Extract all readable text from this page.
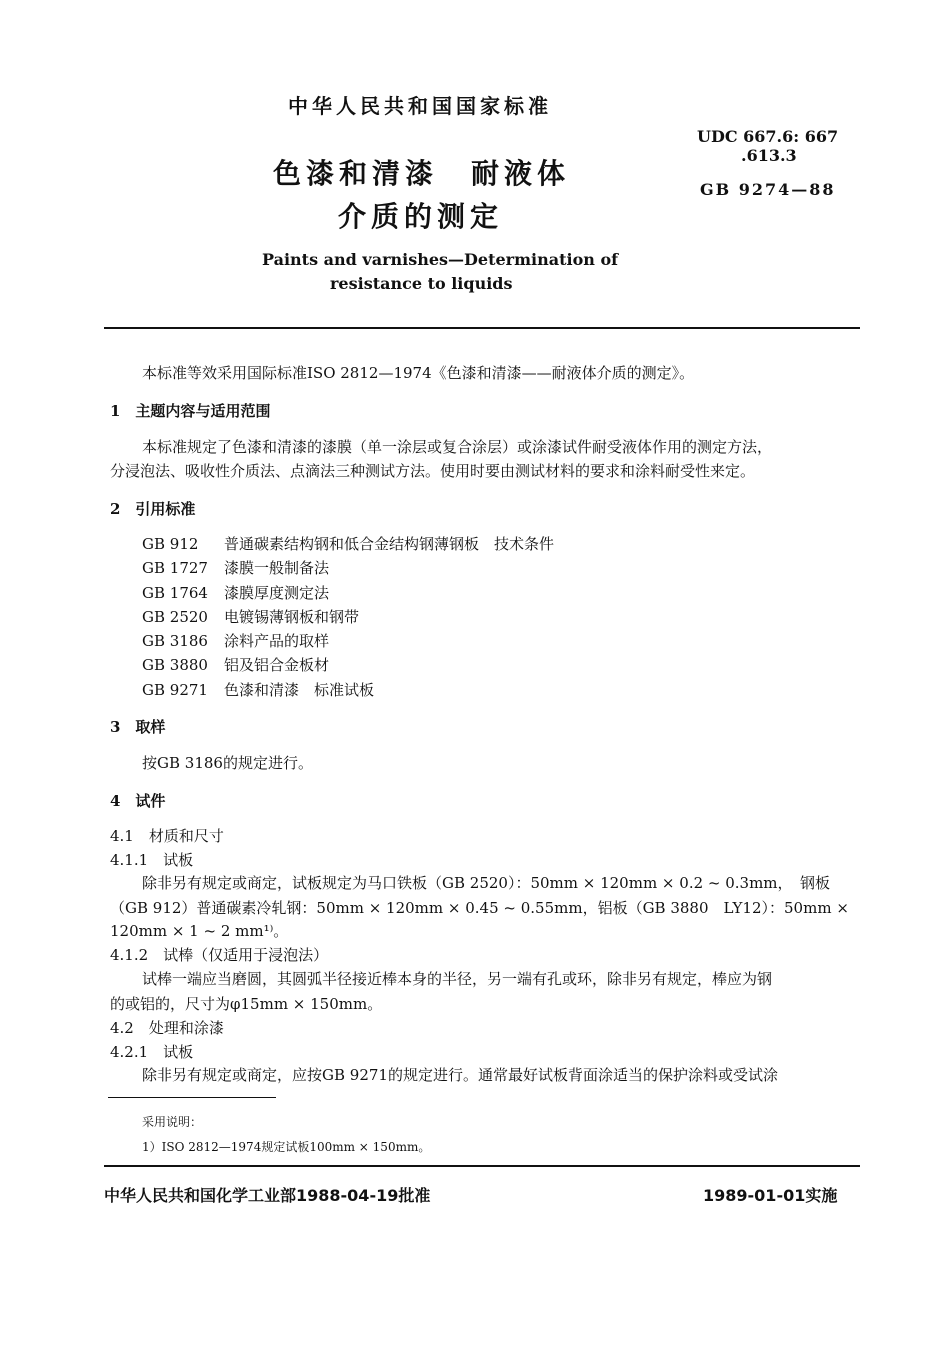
中华人民共和国国家标准
UDC 667.6: 667
.613.3
GB 9274—88
色漆和清漆　耐液体
介质的测定
Paints and varnishes—Determination of
resistance to liquids
本标准等效采用国际标准ISO 2812—1974《色漆和清漆——耐液体介质的测定》。
1　主题内容与适用范围
本标准规定了色漆和清漆的漆膜（单一涂层或复合涂层）或涂漆试件耐受液体作用的测定方法，
分浸泡法、吸收性介质法、点滴法三种测试方法。使用时要由测试材料的要求和涂料耐受性来定。
2　引用标准
GB 912 普通碳素结构钢和低合金结构钢薄钢板　技术条件
GB 1727 漆膜一般制备法
GB 1764 漆膜厚度测定法
GB 2520 电镀锡薄钢板和钢带
GB 3186 涂料产品的取样
GB 3880 铝及铝合金板材
GB 9271 色漆和清漆　标准试板
3　取样
按GB 3186的规定进行。
4　试件
4.1　材质和尺寸
4.1.1　试板
除非另有规定或商定，试板规定为马口铁板（GB 2520）：50mm × 120mm × 0.2 ~ 0.3mm，　钢板
（GB 912）普通碳素冷轧钢：50mm × 120mm × 0.45 ~ 0.55mm，铝板（GB 3880　LY12）：50mm ×
120mm × 1 ~ 2 mm¹⁾。
4.1.2　试棒（仅适用于浸泡法）
试棒一端应当磨圆，其圆弧半径接近棒本身的半径，另一端有孔或环，除非另有规定，棒应为钢
的或铝的，尺寸为φ15mm × 150mm。
4.2　处理和涂漆
4.2.1　试板
除非另有规定或商定，应按GB 9271的规定进行。通常最好试板背面涂适当的保护涂料或受试涂
采用说明：
1）ISO 2812—1974规定试板100mm × 150mm。
中华人民共和国化学工业部1988-04-19批准	1989-01-01实施
